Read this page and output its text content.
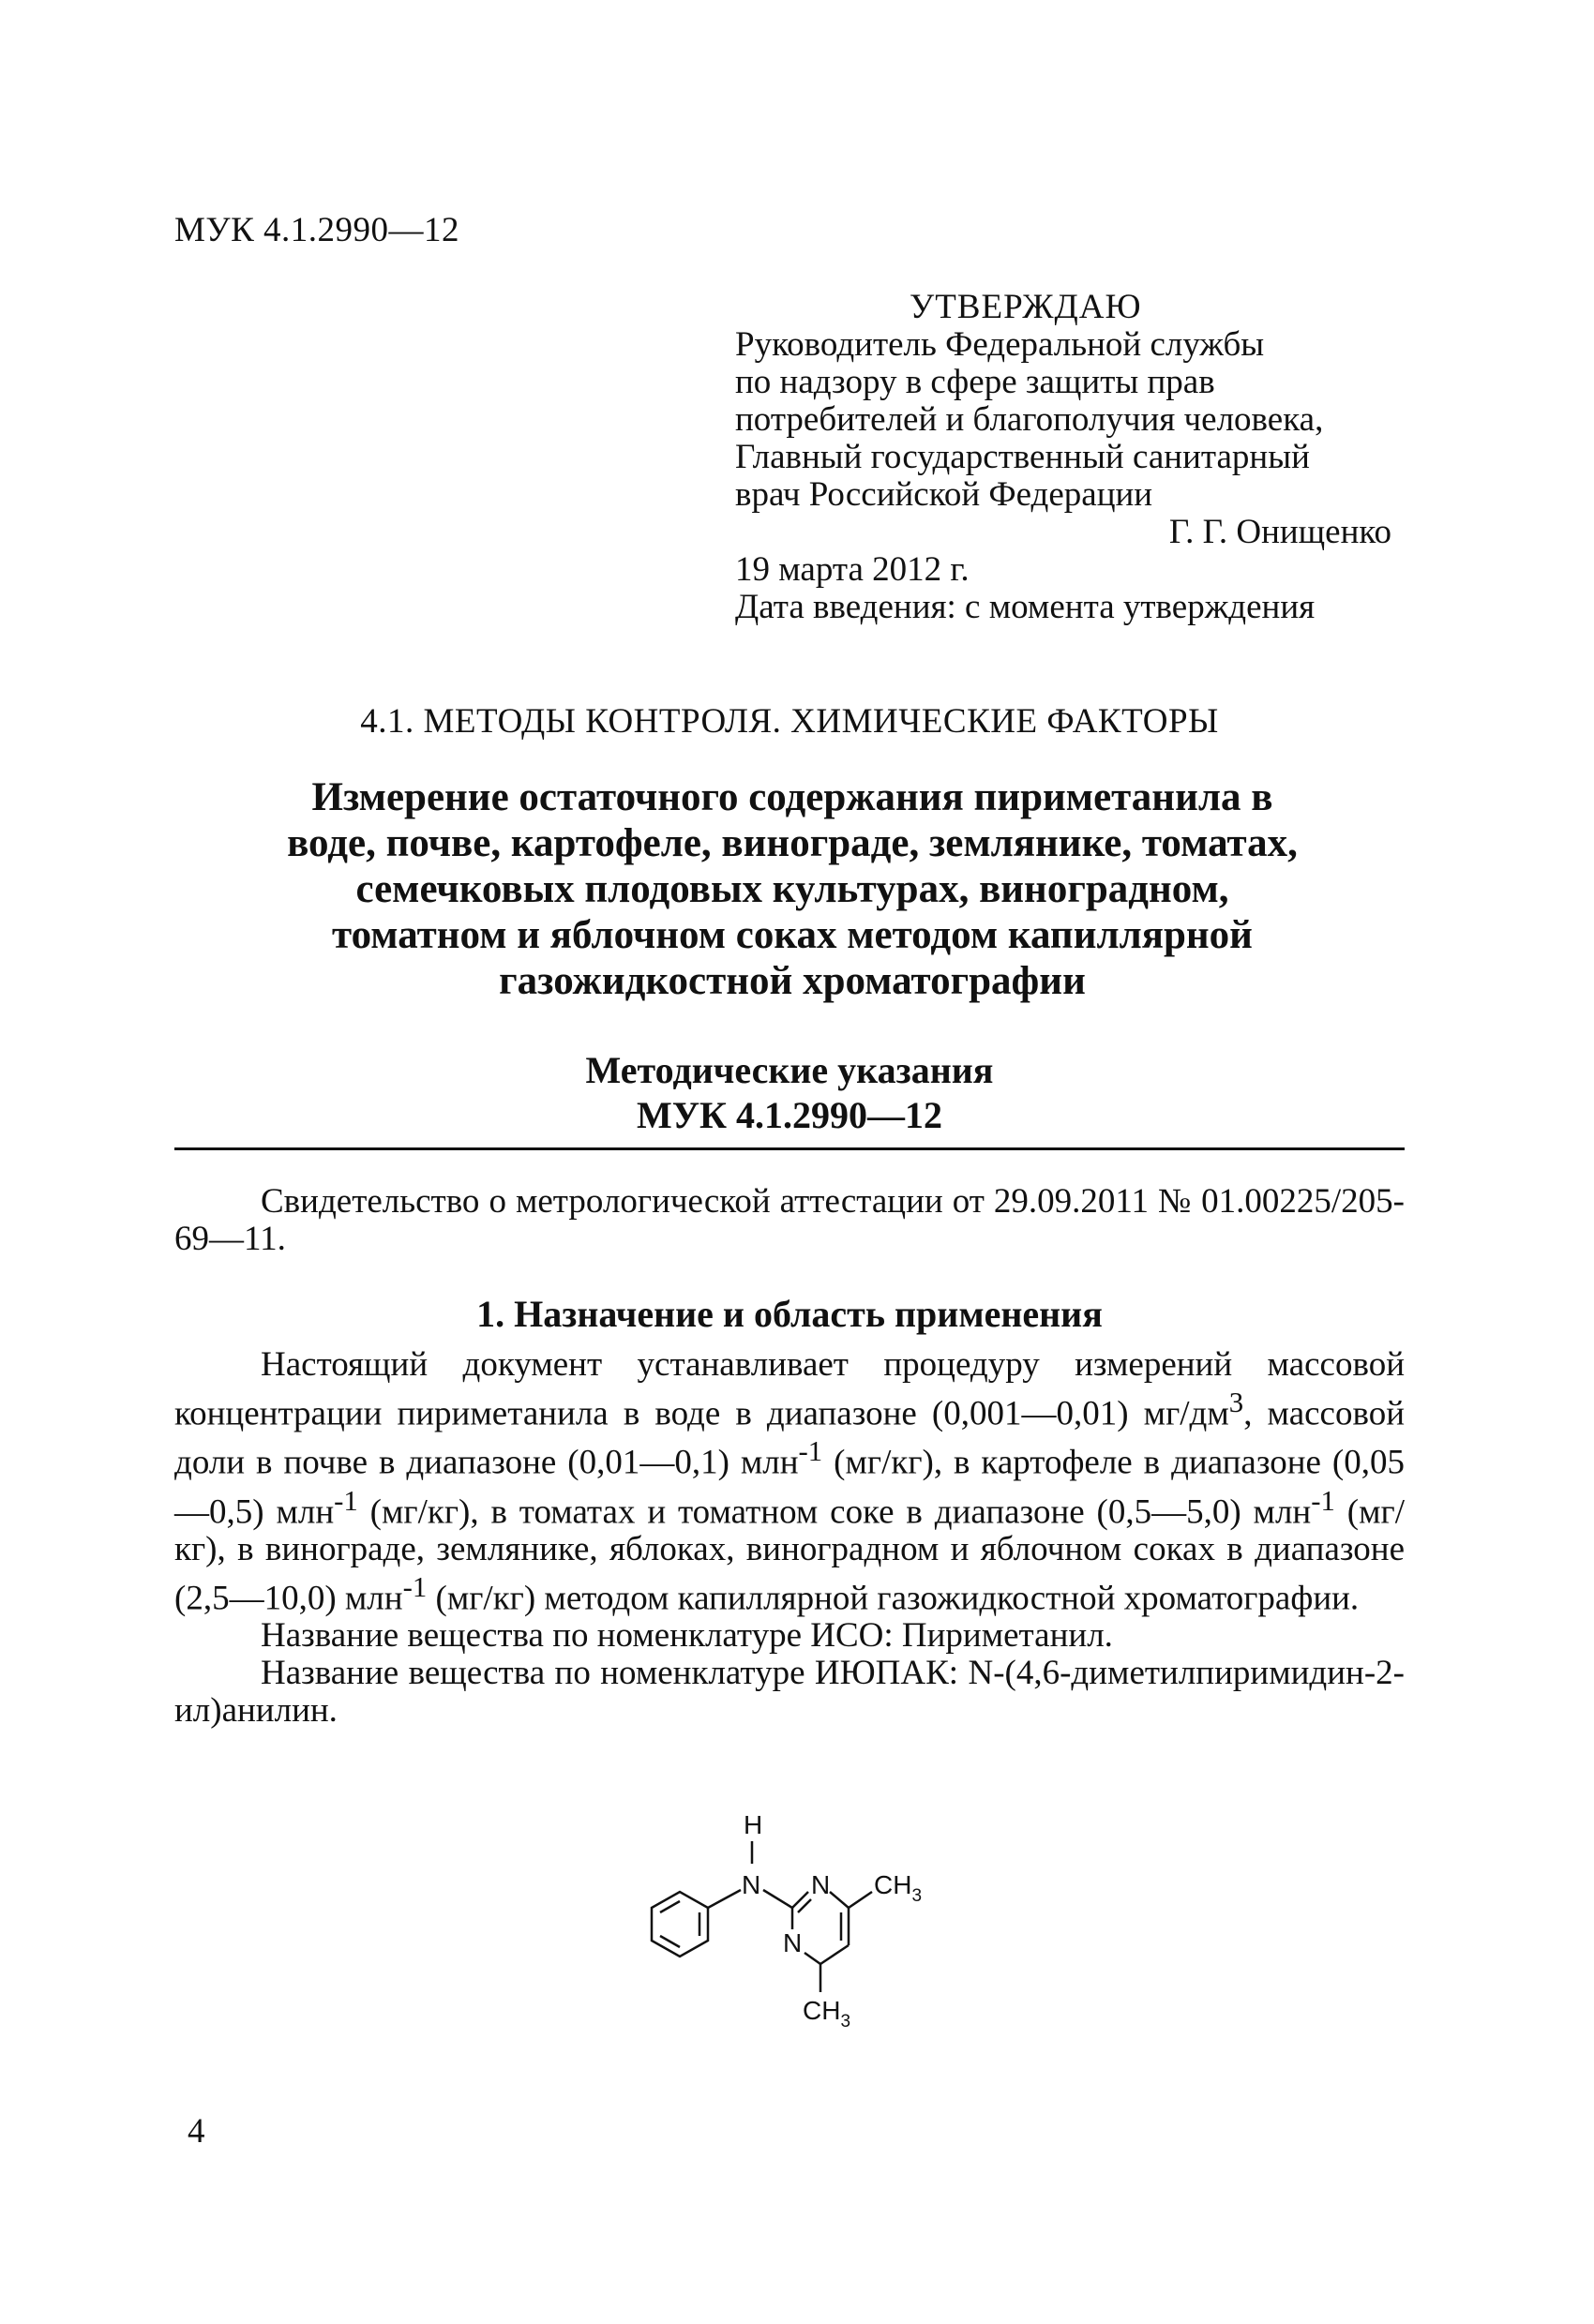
МУК 4.1.2990—12
УТВЕРЖДАЮ
Руководитель Федеральной службы
по надзору в сфере защиты прав
потребителей и благополучия человека,
Главный государственный санитарный
врач Российской Федерации
Г. Г. Онищенко
19 марта 2012 г.
Дата введения: с момента утверждения
4.1. МЕТОДЫ КОНТРОЛЯ. ХИМИЧЕСКИЕ ФАКТОРЫ
Измерение остаточного содержания пириметанила в
воде, почве, картофеле, винограде, землянике, томатах,
семечковых плодовых культурах, виноградном,
томатном и яблочном соках методом капиллярной
газожидкостной хроматографии
Методические указания
МУК 4.1.2990—12
Свидетельство о метрологической аттестации от 29.09.2011 № 01.00225/205-69—11.
1. Назначение и область применения

Настоящий документ устанавливает процедуру измерений массовой концентрации пириметанила в воде в диапазоне (0,001—0,01) $мг/дм^3$, массовой доли в почве в диапазоне (0,01—0,1) млн$^{-1}$ (мг/кг), в картофеле в диапазоне (0,05—0,5) млн$^{-1}$ (мг/кг), в томатах и томатном соке в диапазоне (0,5—5,0) млн$^{-1}$ (мг/кг), в винограде, землянике, яблоках, виноградном и яблочном соках в диапазоне (2,5—10,0) млн$^{-1}$ (мг/кг) методом капиллярной газожидкостной хроматографии.

Название вещества по номенклатуре ИСО: Пириметанил.

Название вещества по номенклатуре ИЮПАК: N-(4,6-диметилпиримидин-2-ил)анилин.

H
N N
N
$CH_3$
$CH_3$
4
